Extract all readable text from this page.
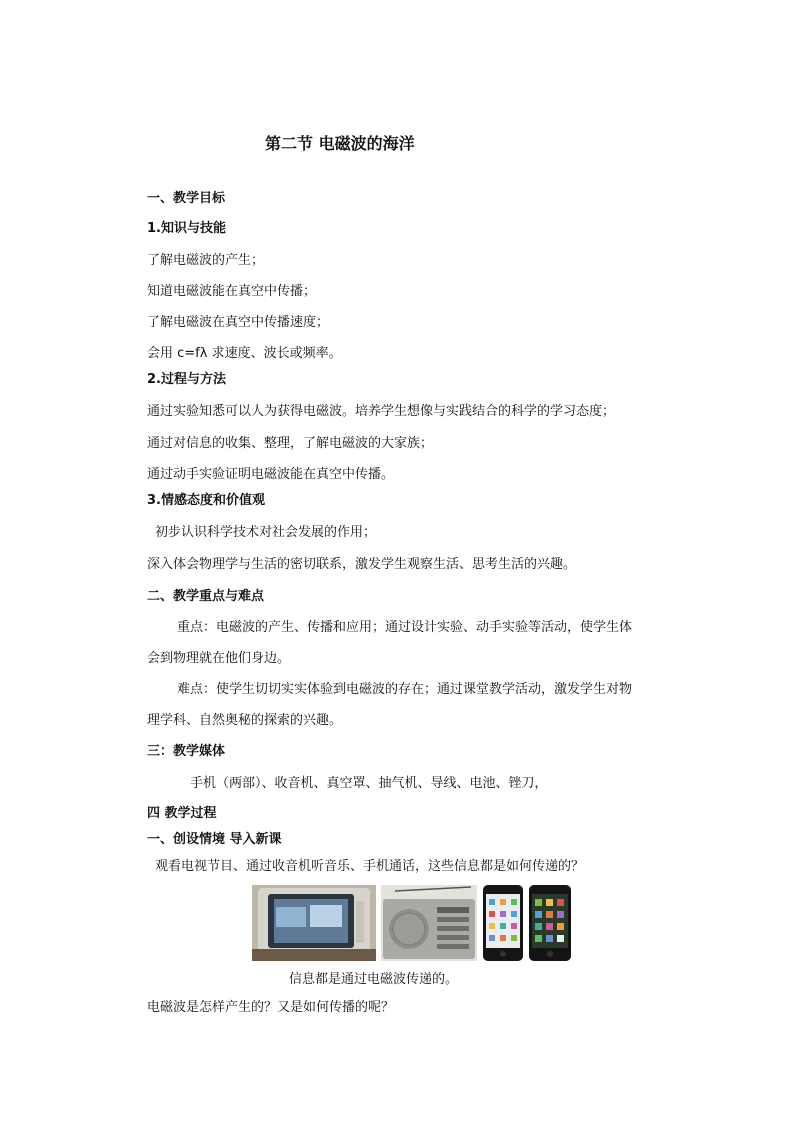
第二节 电磁波的海洋
一、教学目标
1.知识与技能
了解电磁波的产生；
知道电磁波能在真空中传播；
了解电磁波在真空中传播速度；
会用 c=fλ 求速度、波长或频率。
2.过程与方法
通过实验知悉可以人为获得电磁波。培养学生想像与实践结合的科学的学习态度；
通过对信息的收集、整理，了解电磁波的大家族；
通过动手实验证明电磁波能在真空中传播。
3.情感态度和价值观
初步认识科学技术对社会发展的作用；
深入体会物理学与生活的密切联系，激发学生观察生活、思考生活的兴趣。
二、教学重点与难点
重点：电磁波的产生、传播和应用；通过设计实验、动手实验等活动，使学生体
会到物理就在他们身边。
难点：使学生切切实实体验到电磁波的存在；通过课堂教学活动，激发学生对物
理学科、自然奥秘的探索的兴趣。
三：教学媒体
手机（两部）、收音机、真空罩、抽气机、导线、电池、锉刀，
四 教学过程
一、创设情境 导入新课
观看电视节目、通过收音机听音乐、手机通话，这些信息都是如何传递的？
信息都是通过电磁波传递的。
电磁波是怎样产生的？又是如何传播的呢？
